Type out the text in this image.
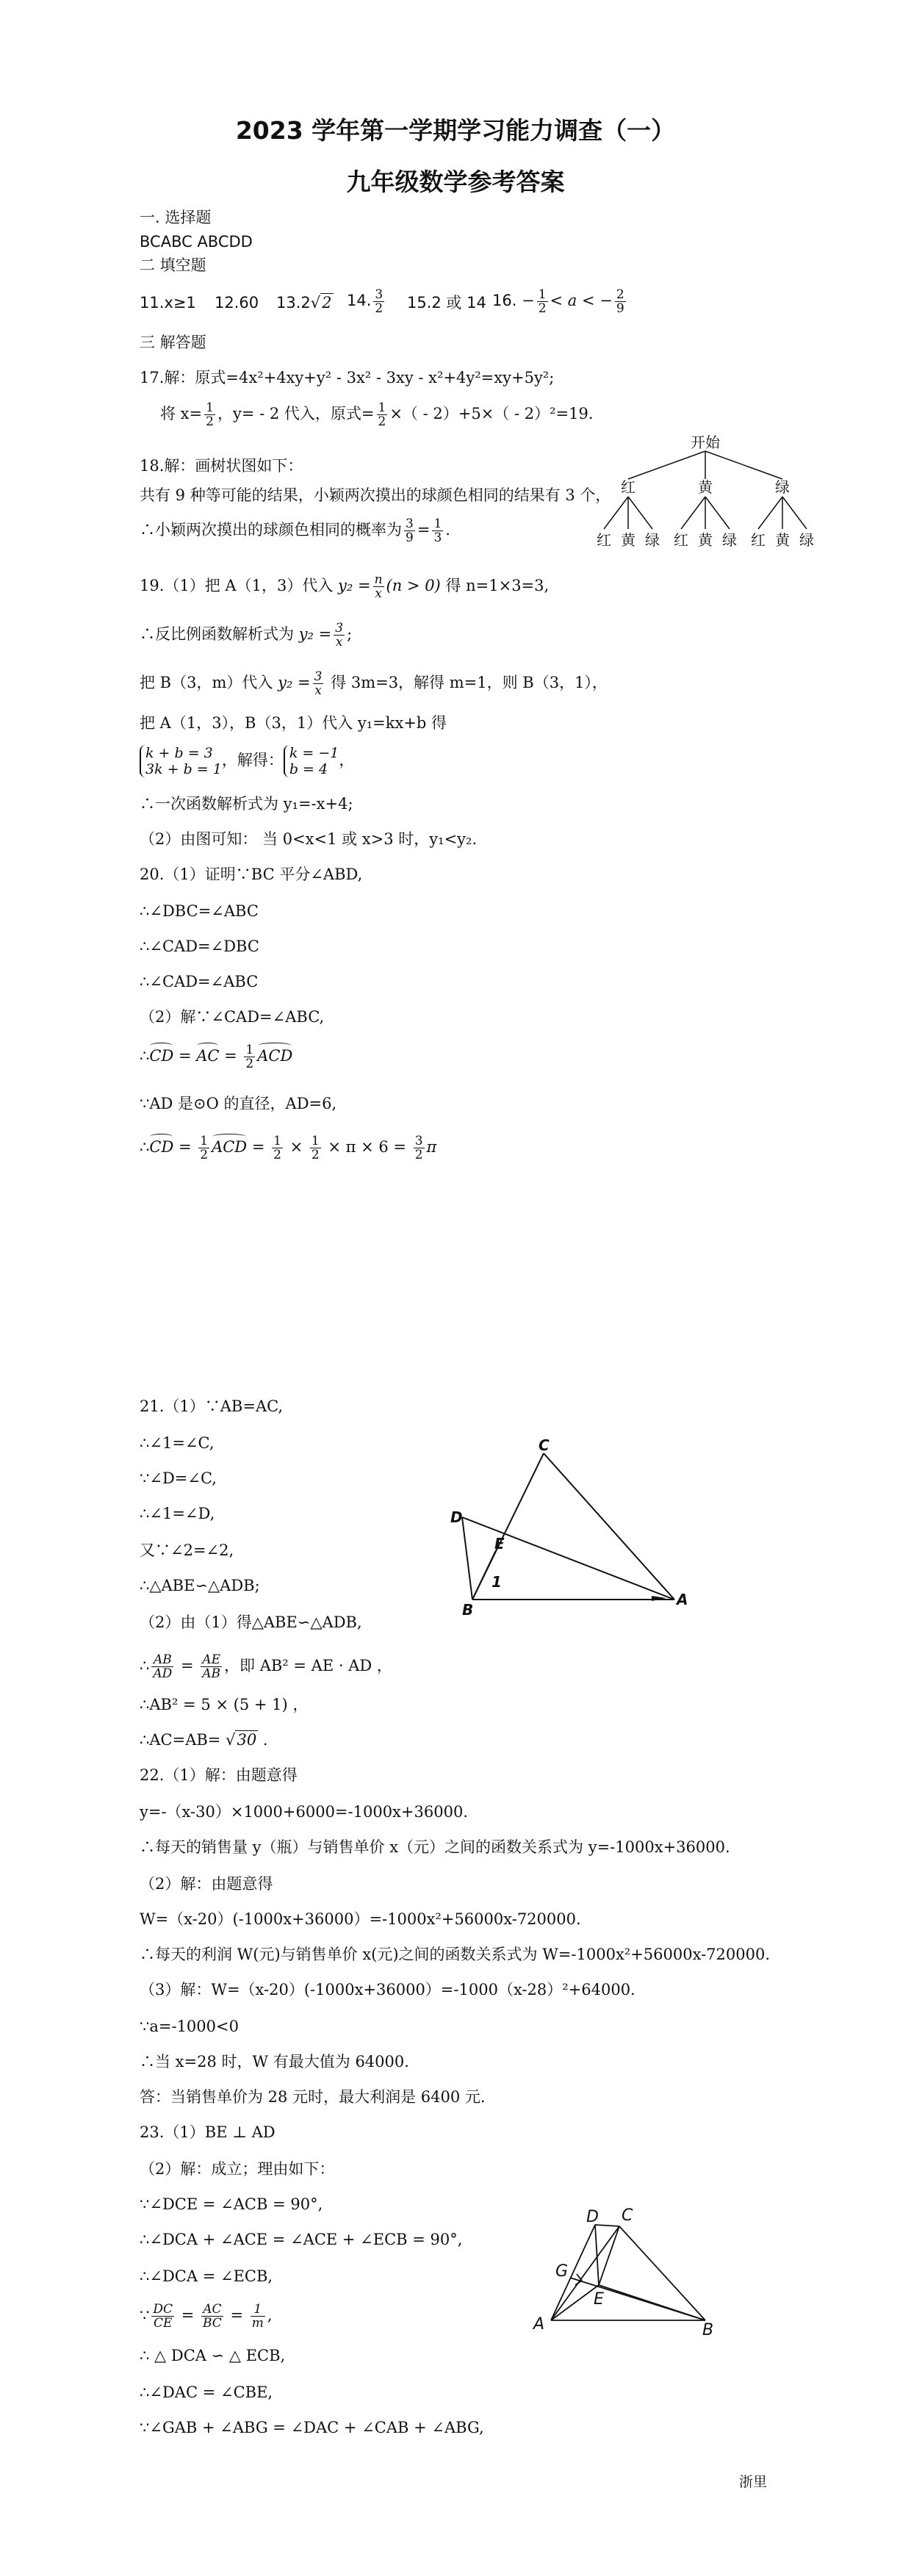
2023 学年第一学期学习能力调查（一）
九年级数学参考答案
一. 选择题
BCABC ABCDD
二 填空题
11.x≥1 12.60 13.2√2 14. $\frac{3}{2} 15.2$ 或 14 16. − $\frac{1}{2} < a$ < − $\frac{2}{9}$
三 解答题
17.解：原式=4x²+4xy+y² - 3x² - 3xy - x²+4y²=xy+5y²;
将 $x= \frac{1}{2}$ ，y= - 2 代入，原式= $\frac{1}{2}$ ×（ - 2）+5×（ - 2）²=19.
18.解：画树状图如下：
共有 9 种等可能的结果，小颖两次摸出的球颜色相同的结果有 3 个，
∴小颖两次摸出的球颜色相同的概率为 $\frac{3}{9} = \frac{1}{3}$ .
开始
红	黄	绿
红 黄 绿 红 黄 绿 红 黄 绿
19.（1）把 A（1，3）代入 $y_2 = \frac{n}{x} (n > 0)$ 得 n=1×3=3,
∴反比例函数解析式为 $y_2 = \frac{3}{x}$ ;
把 B（3，m）代入 $y_2 = \frac{3}{x}$ 得 3m=3，解得 m=1，则 B（3，1），
把 A（1，3），B（3，1）代入 y₁=kx+b 得
k + b = 3
3k + b = 1
，解得： k = −1
b = 4
，
∴一次函数解析式为 y₁=-x+4;
（2）由图可知： 当 0<x<1 或 x>3 时，y₁<y₂.
20.（1）证明∵BC 平分∠ABD,
∴∠DBC=∠ABC
∴∠CAD=∠DBC
∴∠CAD=∠ABC
（2）解∵∠CAD=∠ABC,
∴CD = AC = $\frac{1}{2}$ ACD
∵AD 是⊙O 的直径，AD=6,
∴CD = $\frac{1}{2}$ ACD = $\frac{1}{2} \times \frac{1}{2} \times \pi \times 6 = \frac{3}{2}$ π
21.（1）∵AB=AC,
∴∠1=∠C,
∵∠D=∠C,
∴∠1=∠D,
又∵∠2=∠2,
∴△ABE∽△ADB;
（2）由（1）得△ABE∽△ADB,
∴ $\frac{AB}{AD} = \frac{AE}{AB}$ ，即 AB² = AE · AD ，
∴AB² = 5 × (5 + 1) ，
∴AC=AB= √30 .
C
D
E
1
B
A
22.（1）解：由题意得
y=-（x-30）×1000+6000=-1000x+36000.
∴每天的销售量 y（瓶）与销售单价 x（元）之间的函数关系式为 y=-1000x+36000.
（2）解：由题意得
W=（x-20）(-1000x+36000）=-1000x²+56000x-720000.
∴每天的利润 W(元)与销售单价 x(元)之间的函数关系式为 W=-1000x²+56000x-720000.
（3）解：W=（x-20）(-1000x+36000）=-1000（x-28）²+64000.
∵a=-1000<0
∴当 x=28 时，W 有最大值为 64000.
答：当销售单价为 28 元时，最大利润是 6400 元.
23.（1）BE ⊥ AD
（2）解：成立；理由如下：
∵∠DCE = ∠ACB = 90°,
∴∠DCA + ∠ACE = ∠ACE + ∠ECB = 90°,
∴∠DCA = ∠ECB,
∵ $\frac{DC}{CE} = \frac{AC}{BC} = \frac{1}{m}$ ,
∴ △ DCA ∽ △ ECB,
∴∠DAC = ∠CBE,
∵∠GAB + ∠ABG = ∠DAC + ∠CAB + ∠ABG,
D C
G
E
A	B
浙里
